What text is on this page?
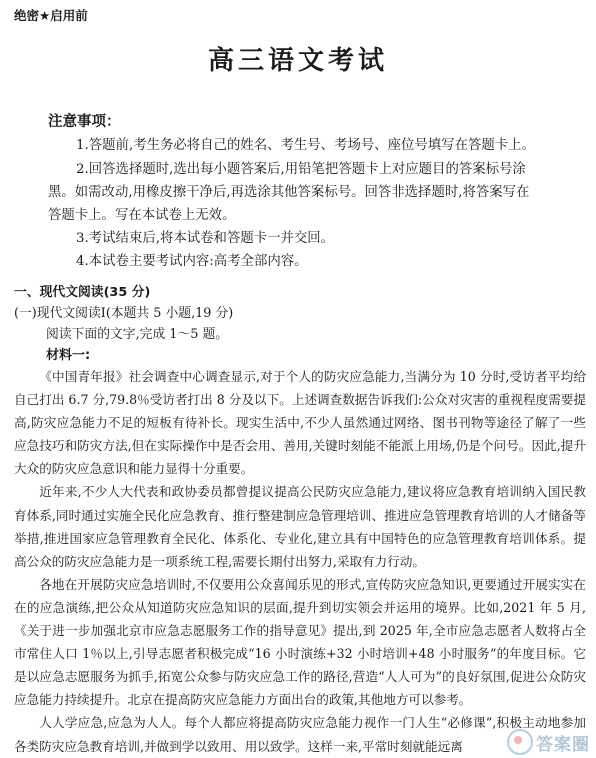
绝密★启用前
高三语文考试
注意事项：
1.答题前,考生务必将自己的姓名、考生号、考场号、座位号填写在答题卡上。
2.回答选择题时,选出每小题答案后,用铅笔把答题卡上对应题目的答案标号涂
黑。如需改动,用橡皮擦干净后,再选涂其他答案标号。回答非选择题时,将答案写在
答题卡上。写在本试卷上无效。
3.考试结束后,将本试卷和答题卡一并交回。
4.本试卷主要考试内容:高考全部内容。
一、现代文阅读(35 分)
(一)现代文阅读Ⅰ(本题共 5 小题,19 分)
阅读下面的文字,完成 1～5 题。
材料一:

《中国青年报》社会调查中心调查显示,对于个人的防灾应急能力,当满分为 10 分时,受访者平均给自己打出 6.7 分,79.8％受访者打出 8 分及以下。上述调查数据告诉我们:公众对灾害的重视程度需要提高,防灾应急能力不足的短板有待补长。现实生活中,不少人虽然通过网络、图书刊物等途径了解了一些应急技巧和防灾方法,但在实际操作中是否会用、善用,关键时刻能不能派上用场,仍是个问号。因此,提升大众的防灾应急意识和能力显得十分重要。

近年来,不少人大代表和政协委员都曾提议提高公民防灾应急能力,建议将应急教育培训纳入国民教育体系,同时通过实施全民化应急教育、推行整建制应急管理培训、推进应急管理教育培训的人才储备等举措,推进国家应急管理教育全民化、体系化、专业化,建立具有中国特色的应急管理教育培训体系。提高公众的防灾应急能力是一项系统工程,需要长期付出努力,采取有力行动。

各地在开展防灾应急培训时,不仅要用公众喜闻乐见的形式,宣传防灾应急知识,更要通过开展实实在在的应急演练,把公众从知道防灾应急知识的层面,提升到切实领会并运用的境界。比如,2021 年 5 月,《关于进一步加强北京市应急志愿服务工作的指导意见》提出,到 2025 年,全市应急志愿者人数将占全市常住人口 1％以上,引导志愿者积极完成“16 小时演练+32 小时培训+48 小时服务”的年度目标。它是以应急志愿服务为抓手,拓宽公众参与防灾应急工作的路径,营造“人人可为”的良好氛围,促进公众防灾应急能力持续提升。北京在提高防灾应急能力方面出台的政策,其他地方可以参考。

人人学应急,应急为人人。每个人都应将提高防灾应急能力视作一门人生“必修课”,积极主动地参加各类防灾应急教育培训,并做到学以致用、用以致学。这样一来,平常时刻就能远离	答案圈
